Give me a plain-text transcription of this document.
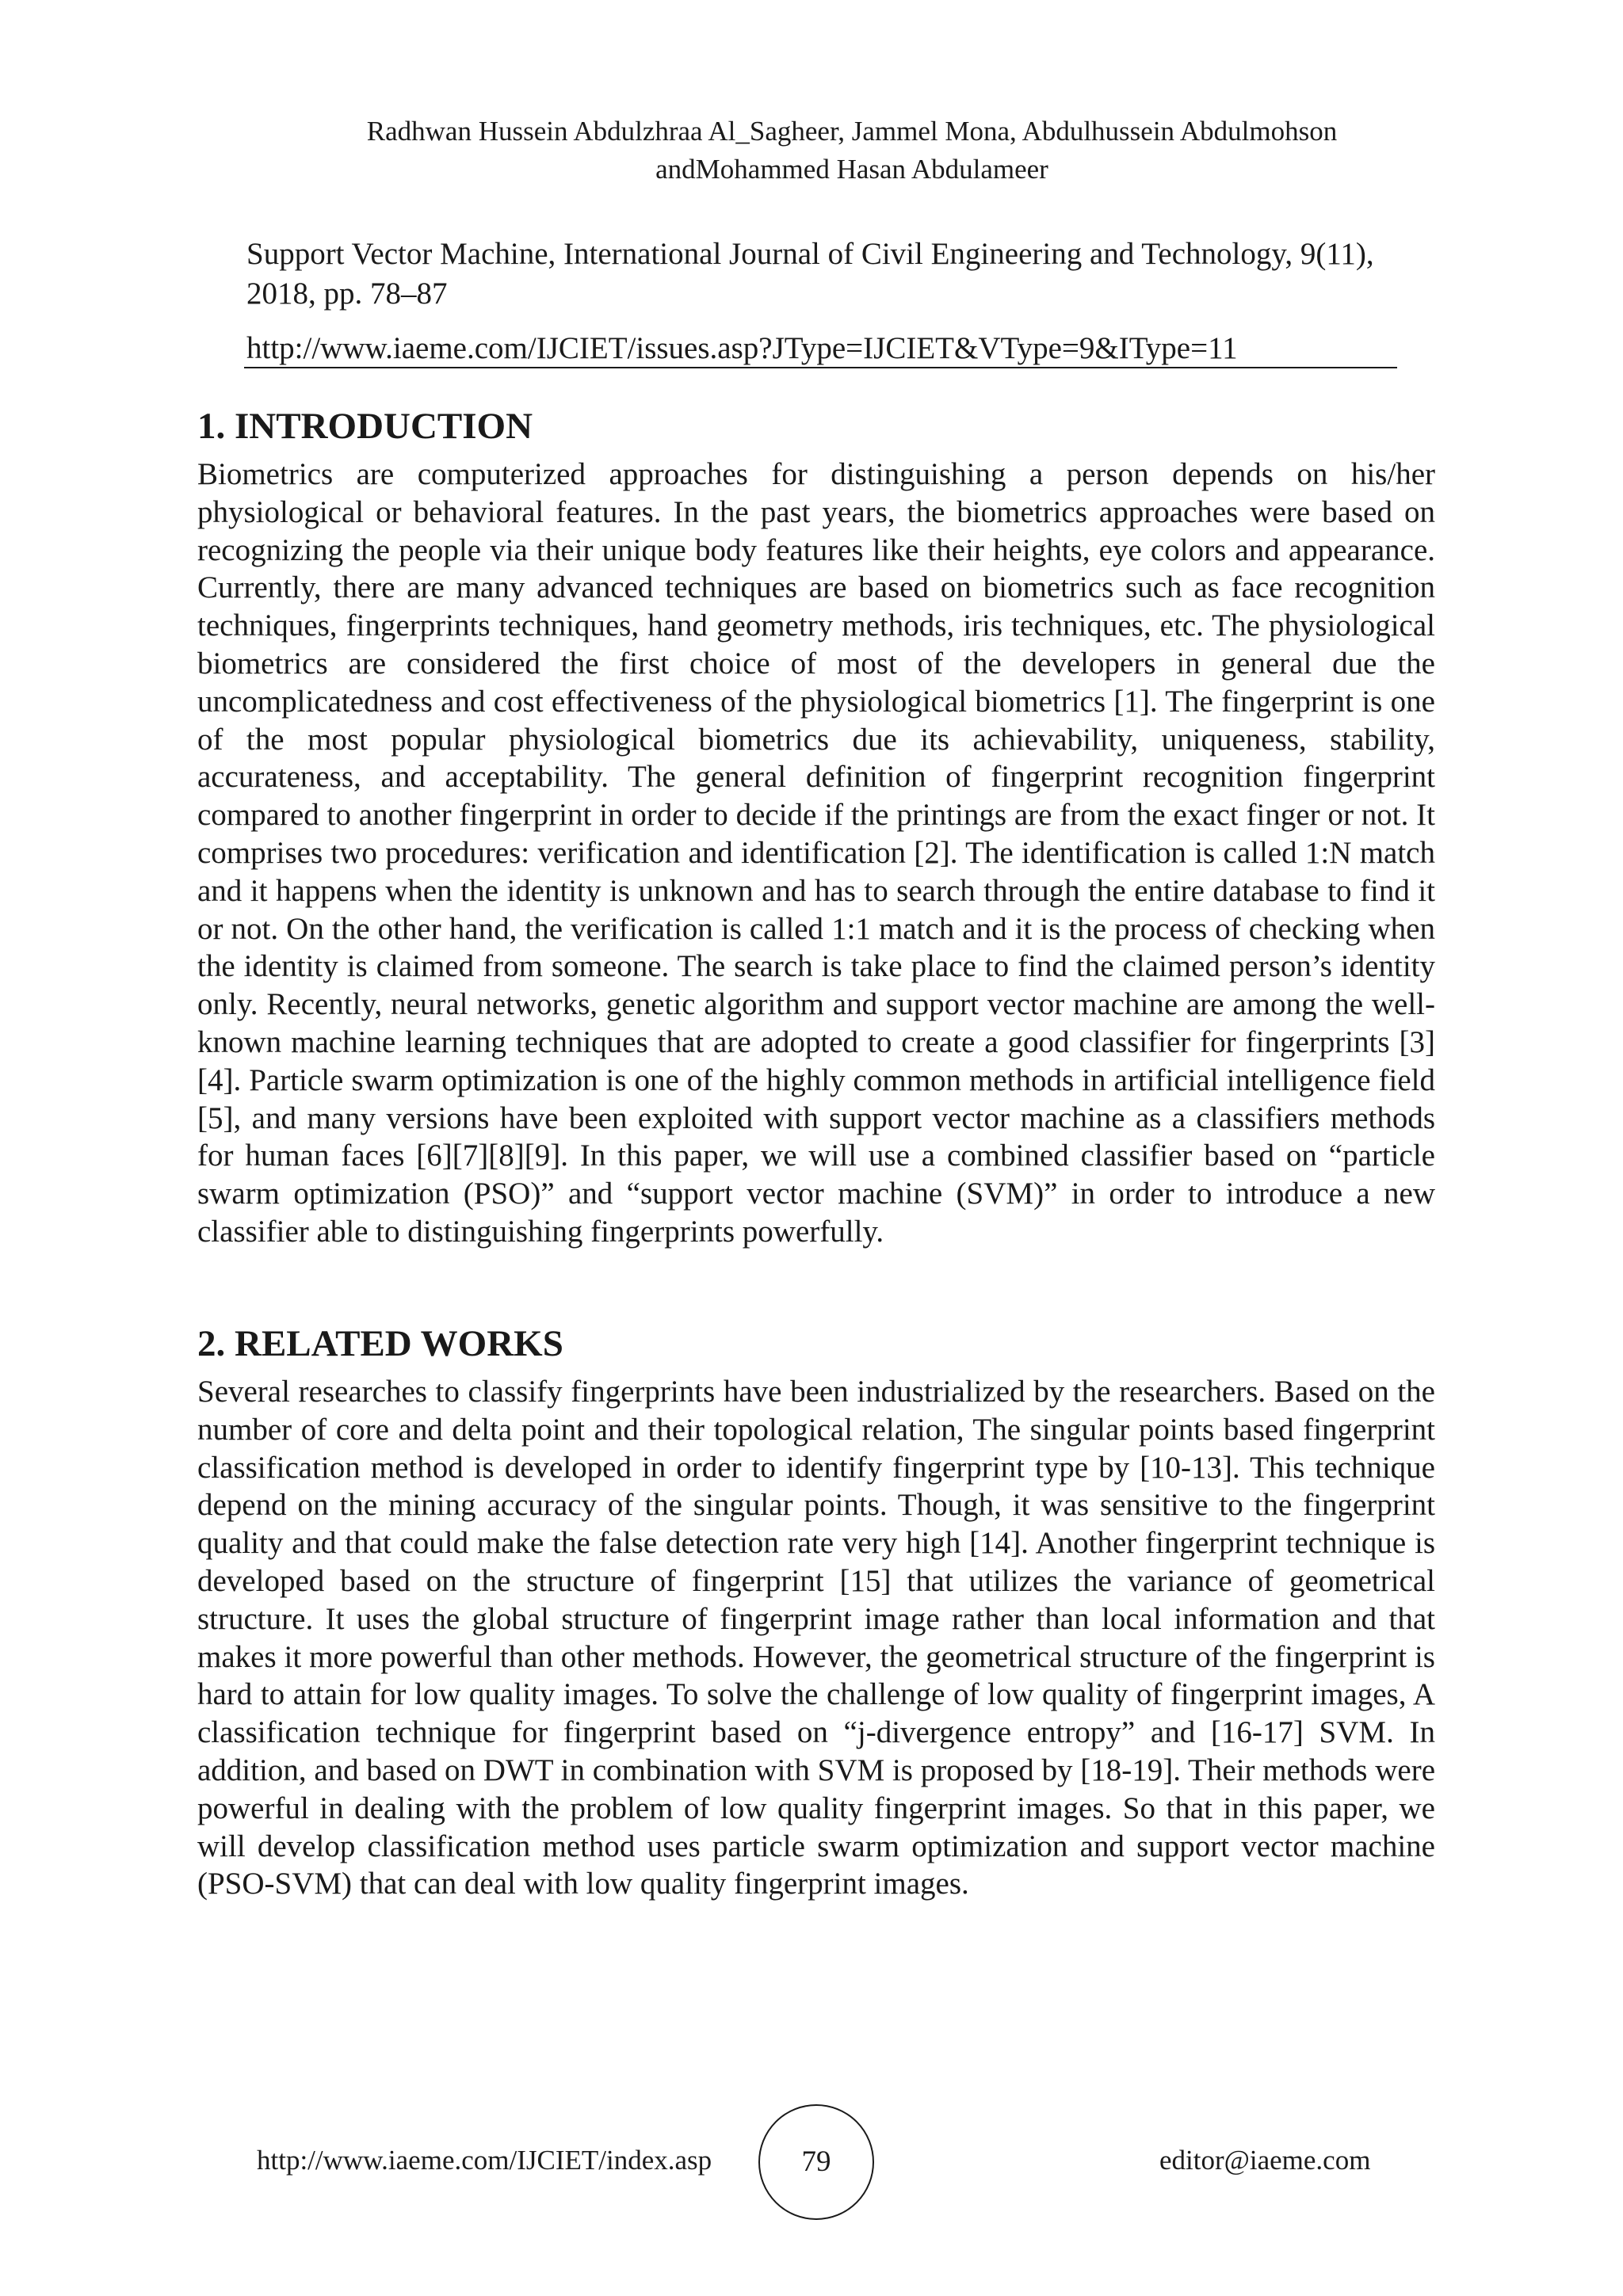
Radhwan Hussein Abdulzhraa Al_Sagheer, Jammel Mona, Abdulhussein Abdulmohson
andMohammed Hasan Abdulameer
Support Vector Machine, International Journal of Civil Engineering and Technology, 9(11), 2018, pp. 78–87
http://www.iaeme.com/IJCIET/issues.asp?JType=IJCIET&VType=9&IType=11
1. INTRODUCTION
Biometrics are computerized approaches for distinguishing a person depends on his/her physiological or behavioral features. In the past years, the biometrics approaches were based on recognizing the people via their unique body features like their heights, eye colors and appearance. Currently, there are many advanced techniques are based on biometrics such as face recognition techniques, fingerprints techniques, hand geometry methods, iris techniques, etc. The physiological biometrics are considered the first choice of most of the developers in general due the uncomplicatedness and cost effectiveness of the physiological biometrics [1]. The fingerprint is one of the most popular physiological biometrics due its achievability, uniqueness, stability, accurateness, and acceptability. The general definition of fingerprint recognition fingerprint compared to another fingerprint in order to decide if the printings are from the exact finger or not. It comprises two procedures: verification and identification [2]. The identification is called 1:N match and it happens when the identity is unknown and has to search through the entire database to find it or not. On the other hand, the verification is called 1:1 match and it is the process of checking when the identity is claimed from someone. The search is take place to find the claimed person’s identity only. Recently, neural networks, genetic algorithm and support vector machine are among the well-known machine learning techniques that are adopted to create a good classifier for fingerprints [3][4]. Particle swarm optimization is one of the highly common methods in artificial intelligence field [5], and many versions have been exploited with support vector machine as a classifiers methods for human faces [6][7][8][9]. In this paper, we will use a combined classifier based on “particle swarm optimization (PSO)” and “support vector machine (SVM)” in order to introduce a new classifier able to distinguishing fingerprints powerfully.
2. RELATED WORKS
Several researches to classify fingerprints have been industrialized by the researchers. Based on the number of core and delta point and their topological relation, The singular points based fingerprint classification method is developed in order to identify fingerprint type by [10-13]. This technique depend on the mining accuracy of the singular points. Though, it was sensitive to the fingerprint quality and that could make the false detection rate very high [14]. Another fingerprint technique is developed based on the structure of fingerprint [15] that utilizes the variance of geometrical structure. It uses the global structure of fingerprint image rather than local information and that makes it more powerful than other methods. However, the geometrical structure of the fingerprint is hard to attain for low quality images. To solve the challenge of low quality of fingerprint images, A classification technique for fingerprint based on “j-divergence entropy” and [16-17] SVM. In addition, and based on DWT in combination with SVM is proposed by [18-19]. Their methods were powerful in dealing with the problem of low quality fingerprint images. So that in this paper, we will develop classification method uses particle swarm optimization and support vector machine (PSO-SVM) that can deal with low quality fingerprint images.
http://www.iaeme.com/IJCIET/index.asp	79	editor@iaeme.com
